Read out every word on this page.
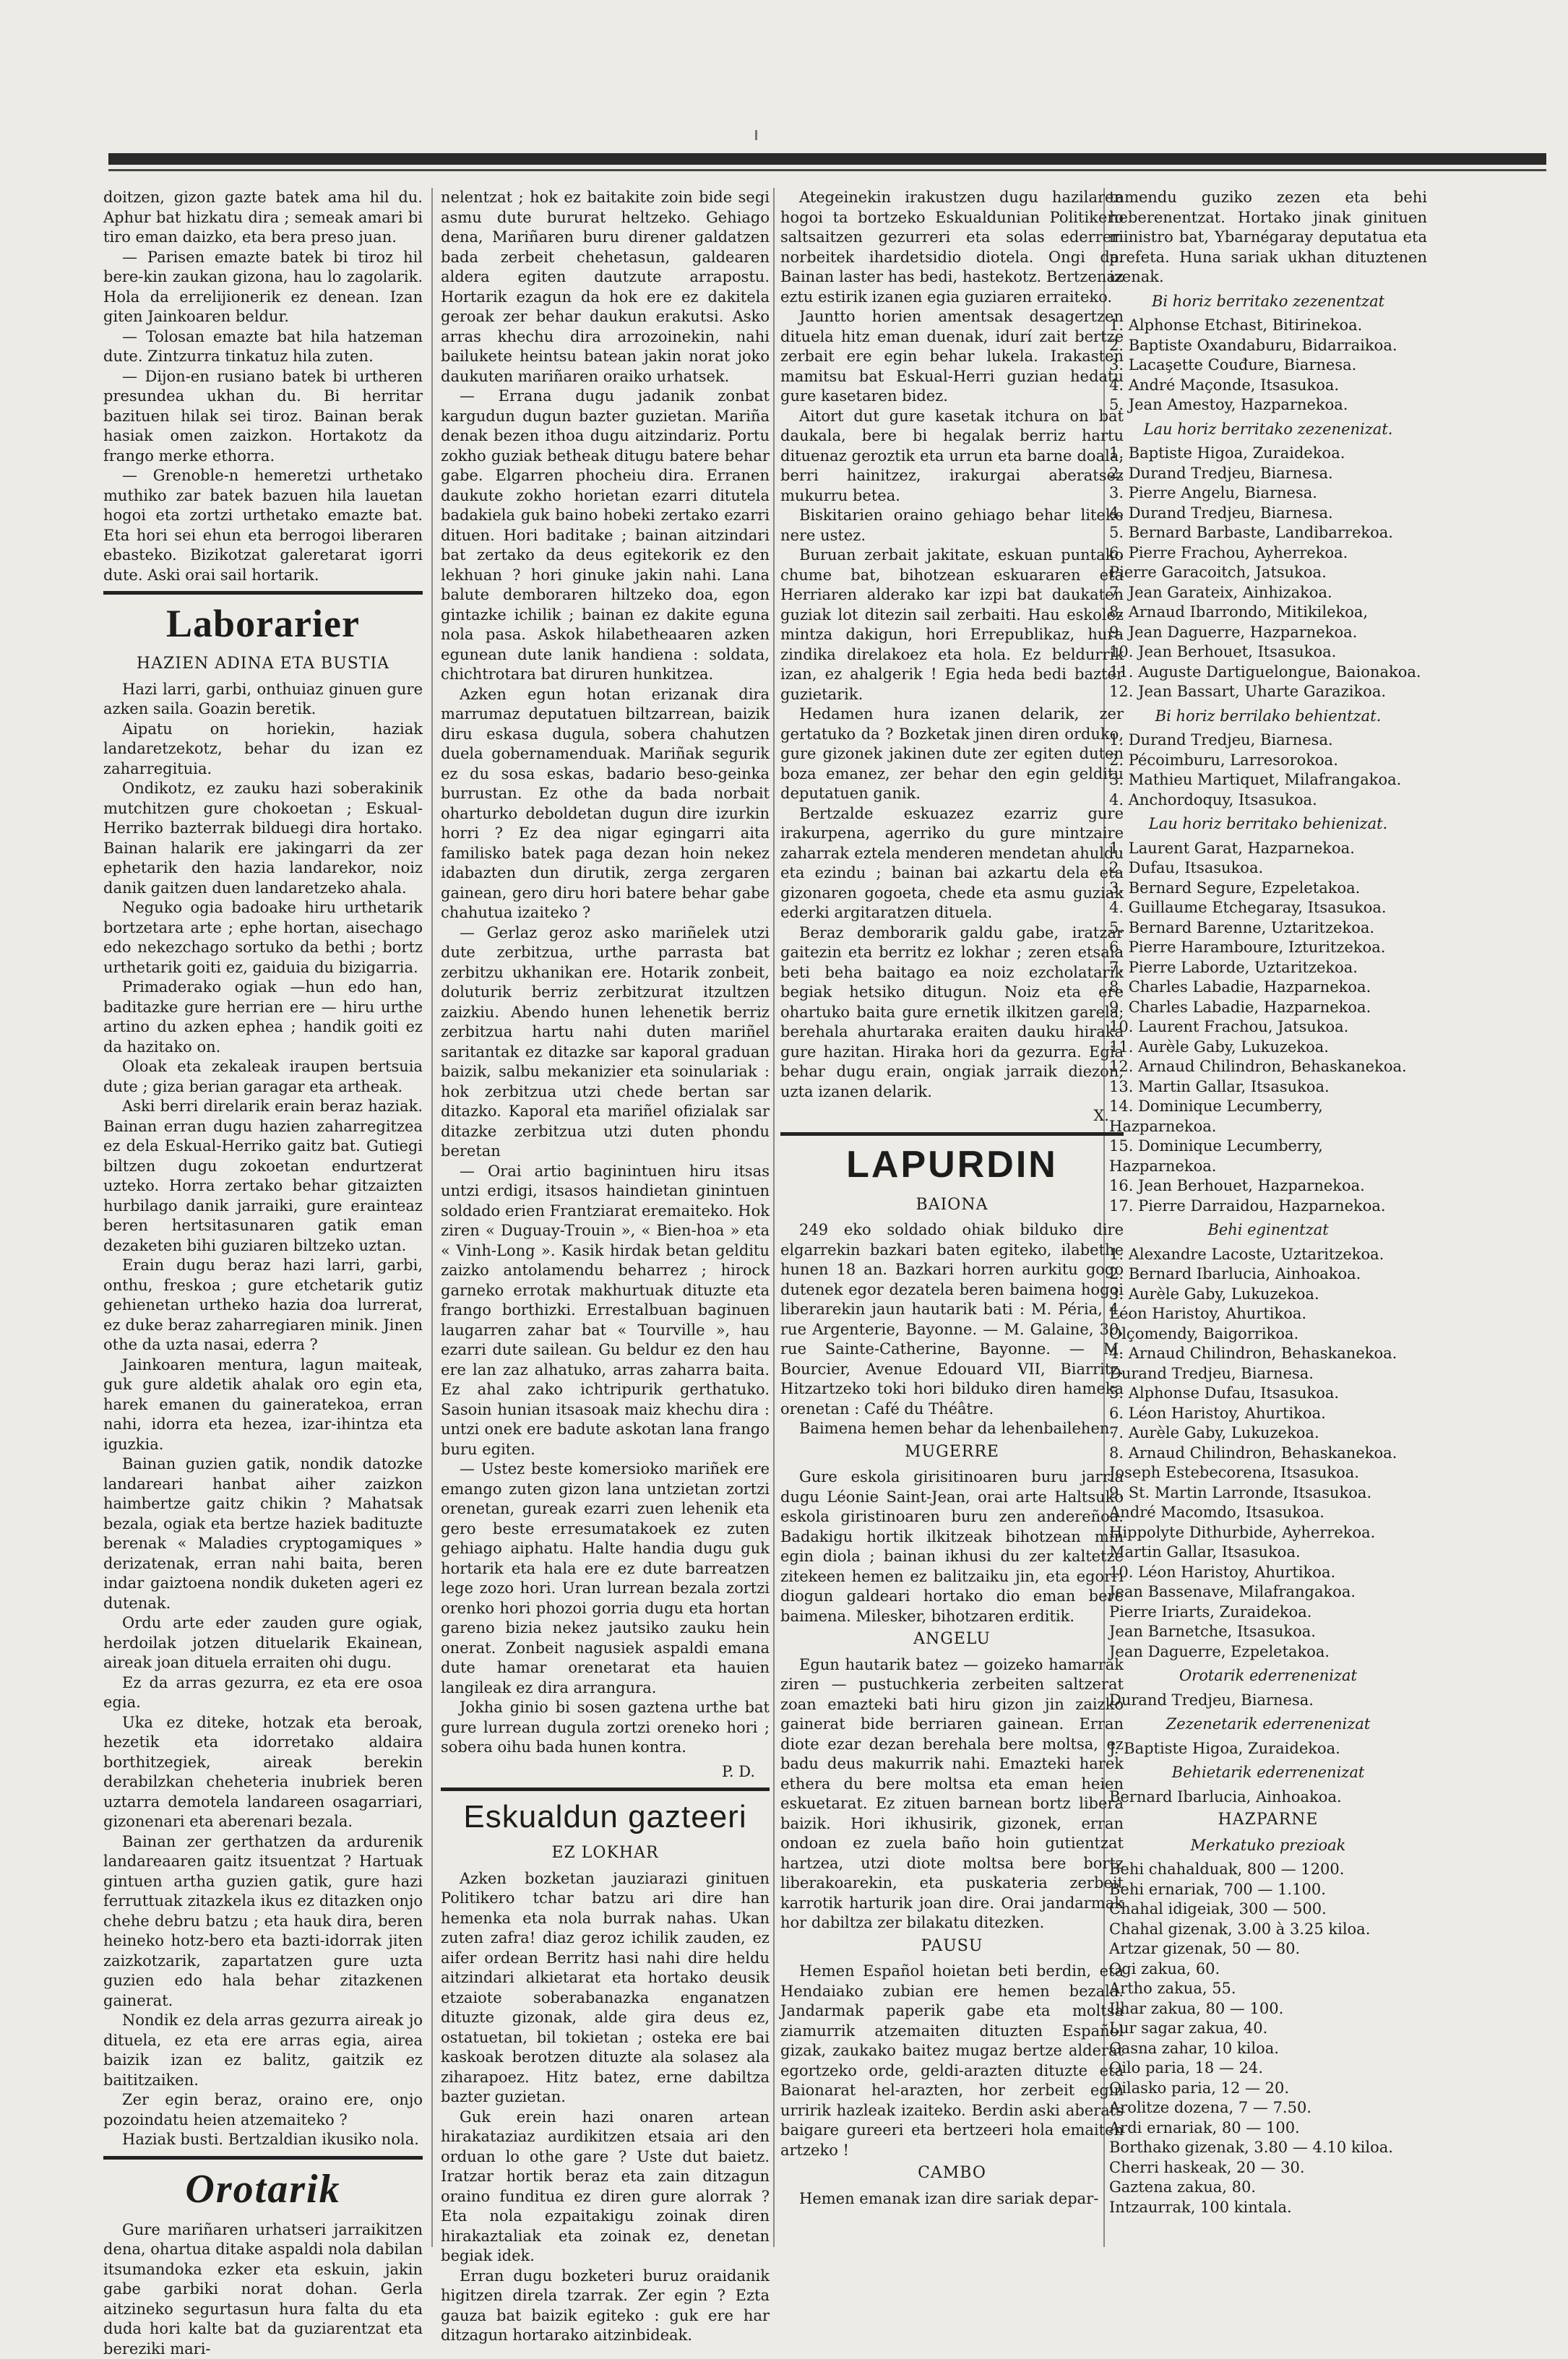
doitzen, gizon gazte batek ama hil du. Aphur bat hizkatu dira ; semeak amari bi tiro eman daizko, eta bera preso juan.

— Parisen emazte batek bi tiroz hil bere-kin zaukan gizona, hau lo zagolarik. Hola da errelijionerik ez denean. Izan giten Jainkoaren beldur.

— Tolosan emazte bat hila hatzeman dute. Zintzurra tinkatuz hila zuten.

— Dijon-en rusiano batek bi urtheren presundea ukhan du. Bi herritar bazituen hilak sei tiroz. Bainan berak hasiak omen zaizkon. Hortakotz da frango merke ethorra.

— Grenoble-n hemeretzi urthetako muthiko zar batek bazuen hila lauetan hogoi eta zortzi urthetako emazte bat. Eta hori sei ehun eta berrogoi liberaren ebasteko. Bizikotzat galeretarat igorri dute. Aski orai sail hortarik.

Laborarier
HAZIEN ADINA ETA BUSTIA

Hazi larri, garbi, onthuiaz ginuen gure azken saila. Goazin beretik.

Aipatu on horiekin, haziak landaretzekotz, behar du izan ez zaharregituia.

Ondikotz, ez zauku hazi soberakinik mutchitzen gure chokoetan ; Eskual-Herriko bazterrak bilduegi dira hortako. Bainan halarik ere jakingarri da zer ephetarik den hazia landarekor, noiz danik gaitzen duen landaretzeko ahala.

Neguko ogia badoake hiru urthetarik bortzetara arte ; ephe hortan, aisechago edo nekezchago sortuko da bethi ; bortz urthetarik goiti ez, gaiduia du bizigarria.

Primaderako ogiak —hun edo han, baditazke gure herrian ere — hiru urthe artino du azken ephea ; handik goiti ez da hazitako on.

Oloak eta zekaleak iraupen bertsuia dute ; giza berian garagar eta artheak.

Aski berri direlarik erain beraz haziak. Bainan erran dugu hazien zaharregitzea ez dela Eskual-Herriko gaitz bat. Gutiegi biltzen dugu zokoetan endurtzerat uzteko. Horra zertako behar gitzaizten hurbilago danik jarraiki, gure erainteaz beren hertsitasunaren gatik eman dezaketen bihi guziaren biltzeko uztan.

Erain dugu beraz hazi larri, garbi, onthu, freskoa ; gure etchetarik gutiz gehienetan urtheko hazia doa lurrerat, ez duke beraz zaharregiaren minik. Jinen othe da uzta nasai, ederra ?

Jainkoaren mentura, lagun maiteak, guk gure aldetik ahalak oro egin eta, harek emanen du gaineratekoa, erran nahi, idorra eta hezea, izar-ihintza eta iguzkia.

Bainan guzien gatik, nondik datozke landareari hanbat aiher zaizkon haimbertze gaitz chikin ? Mahatsak bezala, ogiak eta bertze haziek badituzte berenak « Maladies cryptogamiques » derizatenak, erran nahi baita, beren indar gaiztoena nondik duketen ageri ez dutenak.

Ordu arte eder zauden gure ogiak, herdoilak jotzen dituelarik Ekainean, aireak joan dituela erraiten ohi dugu.

Ez da arras gezurra, ez eta ere osoa egia.

Uka ez diteke, hotzak eta beroak, hezetik eta idorretako aldaira borthitzegiek, aireak berekin derabilzkan cheheteria inubriek beren uztarra demotela landareen osagarriari, gizonenari eta aberenari bezala.

Bainan zer gerthatzen da ardurenik landareaaren gaitz itsuentzat ? Hartuak gintuen artha guzien gatik, gure hazi ferruttuak zitazkela ikus ez ditazken onjo chehe debru batzu ; eta hauk dira, beren heineko hotz-bero eta bazti-idorrak jiten zaizkotzarik, zapartatzen gure uzta guzien edo hala behar zitazkenen gainerat.

Nondik ez dela arras gezurra aireak jo dituela, ez eta ere arras egia, airea baizik izan ez balitz, gaitzik ez baititzaiken.

Zer egin beraz, oraino ere, onjo pozoindatu heien atzemaiteko ?

Haziak busti. Bertzaldian ikusiko nola.

Orotarik

Gure mariñaren urhatseri jarraikitzen dena, ohartua ditake aspaldi nola dabilan itsumandoka ezker eta eskuin, jakin gabe garbiki norat dohan. Gerla aitzineko segurtasun hura falta du eta duda hori kalte bat da guziarentzat eta bereziki mari-

nelentzat ; hok ez baitakite zoin bide segi asmu dute bururat heltzeko. Gehiago dena, Mariñaren buru direner galdatzen bada zerbeit chehetasun, galdearen aldera egiten dautzute arrapostu. Hortarik ezagun da hok ere ez dakitela geroak zer behar daukun erakutsi. Asko arras khechu dira arrozoinekin, nahi bailukete heintsu batean jakin norat joko daukuten mariñaren oraiko urhatsek.

— Errana dugu jadanik zonbat kargudun dugun bazter guzietan. Mariña denak bezen ithoa dugu aitzindariz. Portu zokho guziak betheak ditugu batere behar gabe. Elgarren phocheiu dira. Erranen daukute zokho horietan ezarri ditutela badakiela guk baino hobeki zertako ezarri dituen. Hori baditake ; bainan aitzindari bat zertako da deus egitekorik ez den lekhuan ? hori ginuke jakin nahi. Lana balute demboraren hiltzeko doa, egon gintazke ichilik ; bainan ez dakite eguna nola pasa. Askok hilabetheaaren azken egunean dute lanik handiena : soldata, chichtrotara bat diruren hunkitzea.

Azken egun hotan erizanak dira marrumaz deputatuen biltzarrean, baizik diru eskasa dugula, sobera chahutzen duela gobernamenduak. Mariñak segurik ez du sosa eskas, badario beso-geinka burrustan. Ez othe da bada norbait oharturko deboldetan dugun dire izurkin horri ? Ez dea nigar egingarri aita familisko batek paga dezan hoin nekez idabazten dun dirutik, zerga zergaren gainean, gero diru hori batere behar gabe chahutua izaiteko ?

— Gerlaz geroz asko mariñelek utzi dute zerbitzua, urthe parrasta bat zerbitzu ukhanikan ere. Hotarik zonbeit, doluturik berriz zerbitzurat itzultzen zaizkiu. Abendo hunen lehenetik berriz zerbitzua hartu nahi duten mariñel saritantak ez ditazke sar kaporal graduan baizik, salbu mekanizier eta soinulariak : hok zerbitzua utzi chede bertan sar ditazko. Kaporal eta mariñel ofizialak sar ditazke zerbitzua utzi duten phondu beretan

— Orai artio baginintuen hiru itsas untzi erdigi, itsasos haindietan ginintuen soldado erien Frantziarat eremaiteko. Hok ziren « Duguay-Trouin », « Bien-hoa » eta « Vinh-Long ». Kasik hirdak betan gelditu zaizko antolamendu beharrez ; hirock garneko errotak makhurtuak dituzte eta frango borthizki. Errestalbuan baginuen laugarren zahar bat « Tourville », hau ezarri dute sailean. Gu beldur ez den hau ere lan zaz alhatuko, arras zaharra baita. Ez ahal zako ichtripurik gerthatuko. Sasoin hunian itsasoak maiz khechu dira : untzi onek ere badute askotan lana frango buru egiten.

— Ustez beste komersioko mariñek ere emango zuten gizon lana untzietan zortzi orenetan, gureak ezarri zuen lehenik eta gero beste erresumatakoek ez zuten gehiago aiphatu. Halte handia dugu guk hortarik eta hala ere ez dute barreatzen lege zozo hori. Uran lurrean bezala zortzi orenko hori phozoi gorria dugu eta hortan gareno bizia nekez jautsiko zauku hein onerat. Zonbeit nagusiek aspaldi emana dute hamar orenetarat eta hauien langileak ez dira arrangura.

Jokha ginio bi sosen gaztena urthe bat gure lurrean dugula zortzi oreneko hori ; sobera oihu bada hunen kontra.

P. D.

Eskualdun gazteeri
EZ LOKHAR

Azken bozketan jauziarazi ginituen Politikero tchar batzu ari dire han hemenka eta nola burrak nahas. Ukan zuten zafra! diaz geroz ichilik zauden, ez aifer ordean Berritz hasi nahi dire heldu aitzindari alkietarat eta hortako deusik etzaiote soberabanazka enganatzen dituzte gizonak, alde gira deus ez, ostatuetan, bil tokietan ; osteka ere bai kaskoak berotzen dituzte ala solasez ala ziharapoez. Hitz batez, erne dabiltza bazter guzietan.

Guk erein hazi onaren artean hirakataziaz aurdikitzen etsaia ari den orduan lo othe gare ? Uste dut baietz. Iratzar hortik beraz eta zain ditzagun oraino funditua ez diren gure alorrak ? Eta nola ezpaitakigu zoinak diren hirakaztaliak eta zoinak ez, denetan begiak idek.

Erran dugu bozketeri buruz oraidanik higitzen direla tzarrak. Zer egin ? Ezta gauza bat baizik egiteko : guk ere har ditzagun hortarako aitzinbideak.

Ategeinekin irakustzen dugu hazilaren hogoi ta bortzeko Eskualdunian Politikero saltsaitzen gezurreri eta solas ederreri norbeitek ihardetsidio diotela. Ongi da. Bainan laster has bedi, hastekotz. Bertzenaz eztu estirik izanen egia guziaren erraiteko.

Jauntto horien amentsak desagertzen dituela hitz eman duenak, idurí zait bertze zerbait ere egin behar lukela. Irakasten mamitsu bat Eskual-Herri guzian hedatu gure kasetaren bidez.

Aitort dut gure kasetak itchura on bat daukala, bere bi hegalak berriz hartu dituenaz geroztik eta urrun eta barne doala, berri hainitzez, irakurgai aberatsez mukurru betea.

Biskitarien oraino gehiago behar liteke nere ustez.

Buruan zerbait jakitate, eskuan puntako chume bat, bihotzean eskuararen eta Herriaren alderako kar izpi bat daukaten guziak lot ditezin sail zerbaiti. Hau eskolez mintza dakigun, hori Errepublikaz, hura zindika direlakoez eta hola. Ez beldurrik izan, ez ahalgerik ! Egia heda bedi bazter guzietarik.

Hedamen hura izanen delarik, zer gertatuko da ? Bozketak jinen diren orduko, gure gizonek jakinen dute zer egiten duten boza emanez, zer behar den egin gelditu deputatuen ganik.

Bertzalde eskuazez ezarriz gure irakurpena, agerriko du gure mintzaire zaharrak eztela menderen mendetan ahuldu eta ezindu ; bainan bai azkartu dela eta gizonaren gogoeta, chede eta asmu guziak ederki argitaratzen dituela.

Beraz demborarik galdu gabe, iratzar gaitezin eta berritz ez lokhar ; zeren etsaia beti beha baitago ea noiz ezcholatarik begiak hetsiko ditugun. Noiz eta ere ohartuko baita gure ernetik ilkitzen garela, berehala ahurtaraka eraiten dauku hiraka gure hazitan. Hiraka hori da gezurra. Egia behar dugu erain, ongiak jarraik diezon, uzta izanen delarik.

X.

LAPURDIN
BAIONA

249 eko soldado ohiak bilduko dire elgarrekin bazkari baten egiteko, ilabethe hunen 18 an. Bazkari horren aurkitu gogo dutenek egor dezatela beren baimena hogoi liberarekin jaun hautarik bati : M. Péria, 4, rue Argenterie, Bayonne. — M. Galaine, 30, rue Sainte-Catherine, Bayonne. — M. Bourcier, Avenue Edouard VII, Biarritz. Hitzartzeko toki hori bilduko diren hameka orenetan : Café du Théâtre.

Baimena hemen behar da lehenbailehen.

MUGERRE

Gure eskola girisitinoaren buru jarria dugu Léonie Saint-Jean, orai arte Haltsuko eskola giristinoaren buru zen andereñoa. Badakigu hortik ilkitzeak bihotzean min egin diola ; bainan ikhusi du zer kaltetze zitekeen hemen ez balitzaiku jin, eta egorri diogun galdeari hortako dio eman bere baimena. Milesker, bihotzaren erditik.

ANGELU

Egun hautarik batez — goizeko hamarrak ziren — pustuchkeria zerbeiten saltzerat zoan emazteki bati hiru gizon jin zaizko gainerat bide berriaren gainean. Erran diote ezar dezan berehala bere moltsa, ez badu deus makurrik nahi. Emazteki harek ethera du bere moltsa eta eman heien eskuetarat. Ez zituen barnean bortz libera baizik. Hori ikhusirik, gizonek, erran ondoan ez zuela baño hoin gutientzat hartzea, utzi diote moltsa bere bortz liberakoarekin, eta puskateria zerbeit karrotik harturik joan dire. Orai jandarmak hor dabiltza zer bilakatu ditezken.

PAUSU

Hemen Español hoietan beti berdin, eta Hendaiako zubian ere hemen bezala. Jandarmak paperik gabe eta moltsa ziamurrik atzemaiten dituzten Español gizak, zaukako baitez mugaz bertze alderat egortzeko orde, geldi-arazten dituzte eta Baionarat hel-arazten, hor zerbeit egin urririk hazleak izaiteko. Berdin aski aberats baigare gureeri eta bertzeeri hola emaiten artzeko !

CAMBO

Hemen emanak izan dire sariak depar-

tamendu guziko zezen eta behi heberenentzat. Hortako jinak ginituen ministro bat, Ybarnégaray deputatua eta prefeta. Huna sariak ukhan dituztenen izenak.

Bi horiz berritako zezenentzat

1. Alphonse Etchast, Bitirinekoa.
2. Baptiste Oxandaburu, Bidarraikoa.
3. Lacaşette Couđure, Biarnesa.
4. André Maçonde, Itsasukoa.
5. Jean Amestoy, Hazparnekoa.

Lau horiz berritako zezenenizat.

1. Baptiste Higoa, Zuraidekoa.
2. Durand Tredjeu, Biarnesa.
3. Pierre Angelu, Biarnesa.
4. Durand Tredjeu, Biarnesa.
5. Bernard Barbaste, Landibarrekoa.
6. Pierre Frachou, Ayherrekoa.
Pierre Garacoitch, Jatsukoa.
7. Jean Garateix, Ainhizakoa.
8. Arnaud Ibarrondo, Mitikilekoa,
9. Jean Daguerre, Hazparnekoa.
10. Jean Berhouet, Itsasukoa.
11. Auguste Dartiguelongue, Baionakoa.
12. Jean Bassart, Uharte Garazikoa.

Bi horiz berrilako behientzat.

1. Durand Tredjeu, Biarnesa.
2. Pécoimburu, Larresorokoa.
3. Mathieu Martiquet, Milafrangakoa.
4. Anchordoquy, Itsasukoa.

Lau horiz berritako behienizat.

1. Laurent Garat, Hazparnekoa.
2. Dufau, Itsasukoa.
3. Bernard Segure, Ezpeletakoa.
4. Guillaume Etchegaray, Itsasukoa.
5. Bernard Barenne, Uztaritzekoa.
6. Pierre Haramboure, Izturitzekoa.
7. Pierre Laborde, Uztaritzekoa.
8. Charles Labadie, Hazparnekoa.
9. Charles Labadie, Hazparnekoa.
10. Laurent Frachou, Jatsukoa.
11. Aurèle Gaby, Lukuzekoa.
12. Arnaud Chilindron, Behaskanekoa.
13. Martin Gallar, Itsasukoa.
14. Dominique Lecumberry, Hazparnekoa.
15. Dominique Lecumberry, Hazparnekoa.
16. Jean Berhouet, Hazparnekoa.
17. Pierre Darraidou, Hazparnekoa.

Behi eginentzat

1. Alexandre Lacoste, Uztaritzekoa.
2. Bernard Ibarlucia, Ainhoakoa.
3. Aurèle Gaby, Lukuzekoa.
Léon Haristoy, Ahurtikoa.
Olçomendy, Baigorrikoa.
4. Arnaud Chilindron, Behaskanekoa.
Durand Tredjeu, Biarnesa.
5. Alphonse Dufau, Itsasukoa.
6. Léon Haristoy, Ahurtikoa.
7. Aurèle Gaby, Lukuzekoa.
8. Arnaud Chilindron, Behaskanekoa.
Joseph Estebecorena, Itsasukoa.
9. St. Martin Larronde, Itsasukoa.
André Macomdo, Itsasukoa.
Hippolyte Dithurbide, Ayherrekoa.
Martin Gallar, Itsasukoa.
10. Léon Haristoy, Ahurtikoa.
Jean Bassenave, Milafrangakoa.
Pierre Iriarts, Zuraidekoa.
Jean Barnetche, Itsasukoa.
Jean Daguerre, Ezpeletakoa.

Orotarik ederrenenizat

Durand Tredjeu, Biarnesa.

Zezenetarik ederrenenizat

J. Baptiste Higoa, Zuraidekoa.

Behietarik ederrenenizat

Bernard Ibarlucia, Ainhoakoa.
HAZPARNE

Merkatuko prezioak

Behi chahalduak, 800 — 1200.
Behi ernariak, 700 — 1.100.
Chahal idigeiak, 300 — 500.
Chahal gizenak, 3.00 à 3.25 kiloa.
Artzar gizenak, 50 — 80.
Ogi zakua, 60.
Artho zakua, 55.
Ilhar zakua, 80 — 100.
Lur sagar zakua, 40.
Gasna zahar, 10 kiloa.
Oilo paria, 18 — 24.
Oilasko paria, 12 — 20.
Arolitze dozena, 7 — 7.50.
Ardi ernariak, 80 — 100.
Borthako gizenak, 3.80 — 4.10 kiloa.
Cherri haskeak, 20 — 30.
Gaztena zakua, 80.
Intzaurrak, 100 kintala.
